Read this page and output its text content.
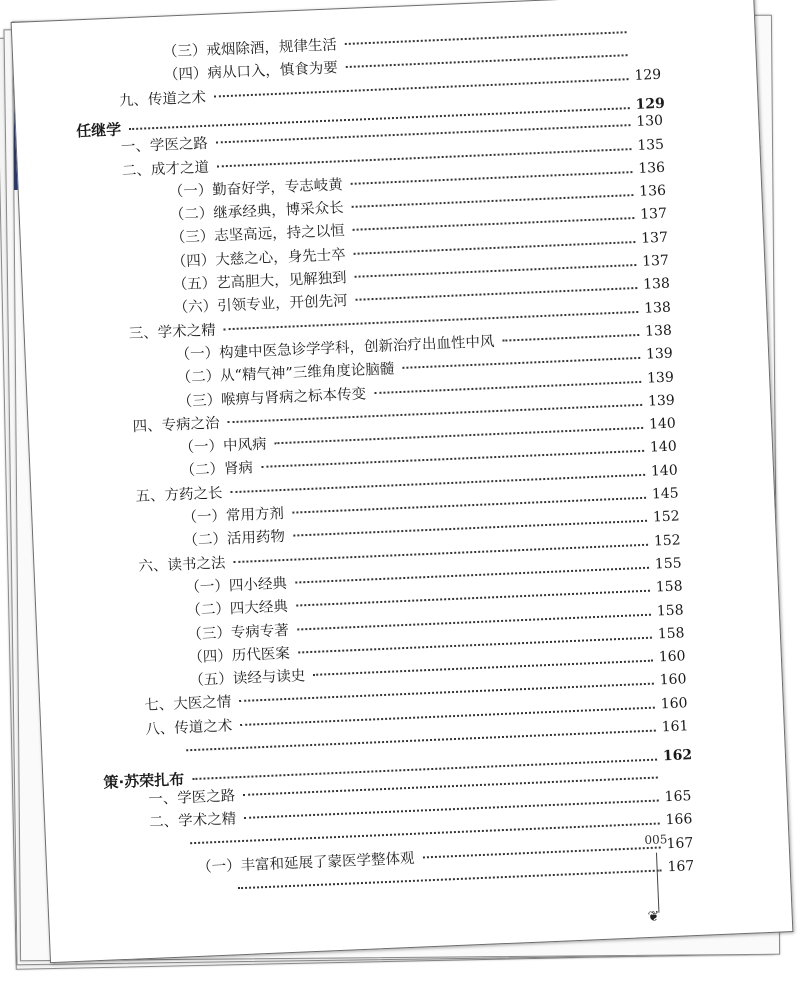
（三）戒烟除酒，规律生活
（四）病从口入，慎食为要
九、传道之术
129
任继学
129
一、学医之路
130
二、成才之道
135
（一）勤奋好学，专志岐黄
136
（二）继承经典，博采众长
136
（三）志坚高远，持之以恒
137
（四）大慈之心，身先士卒
137
（五）艺高胆大，见解独到
137
（六）引领专业，开创先河
138
三、学术之精
138
（一）构建中医急诊学学科，创新治疗出血性中风
138
（二）从“精气神”三维角度论脑髓
139
（三）喉痹与肾病之标本传变
139
四、专病之治
139
（一）中风病
140
（二）肾病
140
五、方药之长
140
（一）常用方剂
145
（二）活用药物
152
六、读书之法
152
（一）四小经典
155
（二）四大经典
158
（三）专病专著
158
（四）历代医案
158
（五）读经与读史
160
七、大医之情
160
八、传道之术
160
161
策·苏荣扎布
162
一、学医之路
二、学术之精
165
166
（一）丰富和延展了蒙医学整体观
167
167
005
❦
